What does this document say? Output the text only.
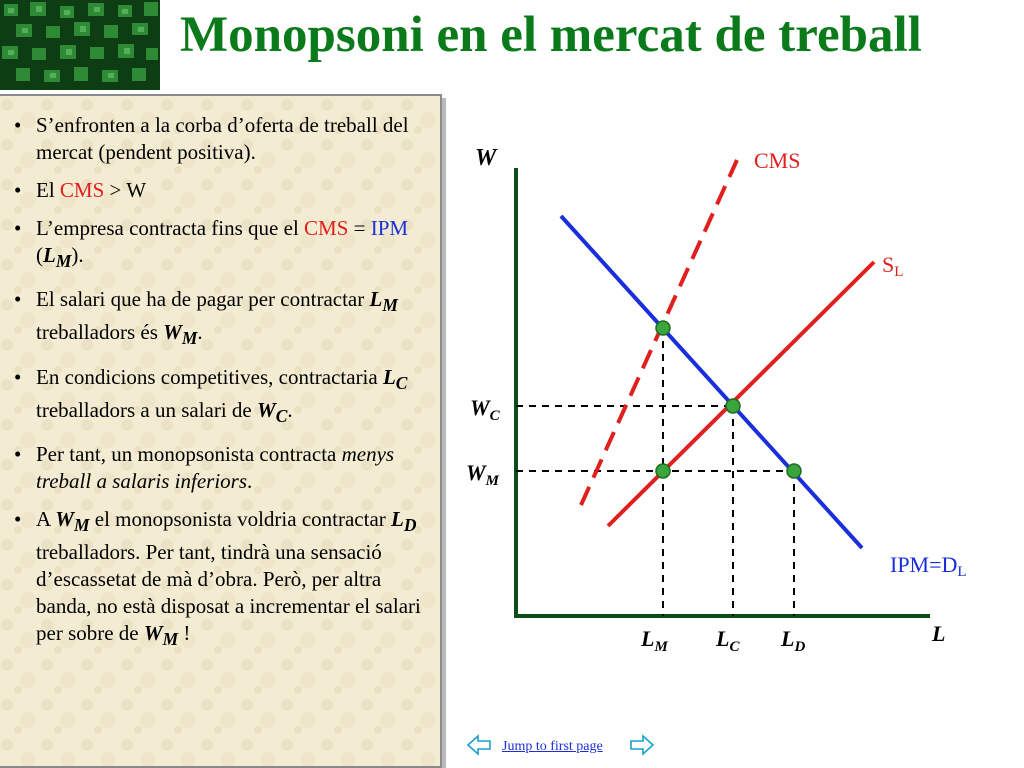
Monopsoni en el mercat de treball
• S’enfronten a la corba d’oferta de treball del mercat (pendent positiva).
• El CMS > W
• L’empresa contracta fins que el CMS = IPM $(L_M)$.
• El salari que ha de pagar per contractar $L_M$ treballadors és $W_M$.
• En condicions competitives, contractaria $L_C$ treballadors a un salari de $W_C$.
• Per tant, un monopsonista contracta menys treball a salaris inferiors.
• A $W_M$ el monopsonista voldria contractar $L_D$ treballadors. Per tant, tindrà una sensació d’escassetat de mà d’obra. Però, per altra banda, no està disposat a incrementar el salari per sobre de $W_M$ !
W
L
CMS
SL
IPM=DL
$W_C$
$W_M$
$L_M$ $L_C$ $L_D$
Jump to first page
